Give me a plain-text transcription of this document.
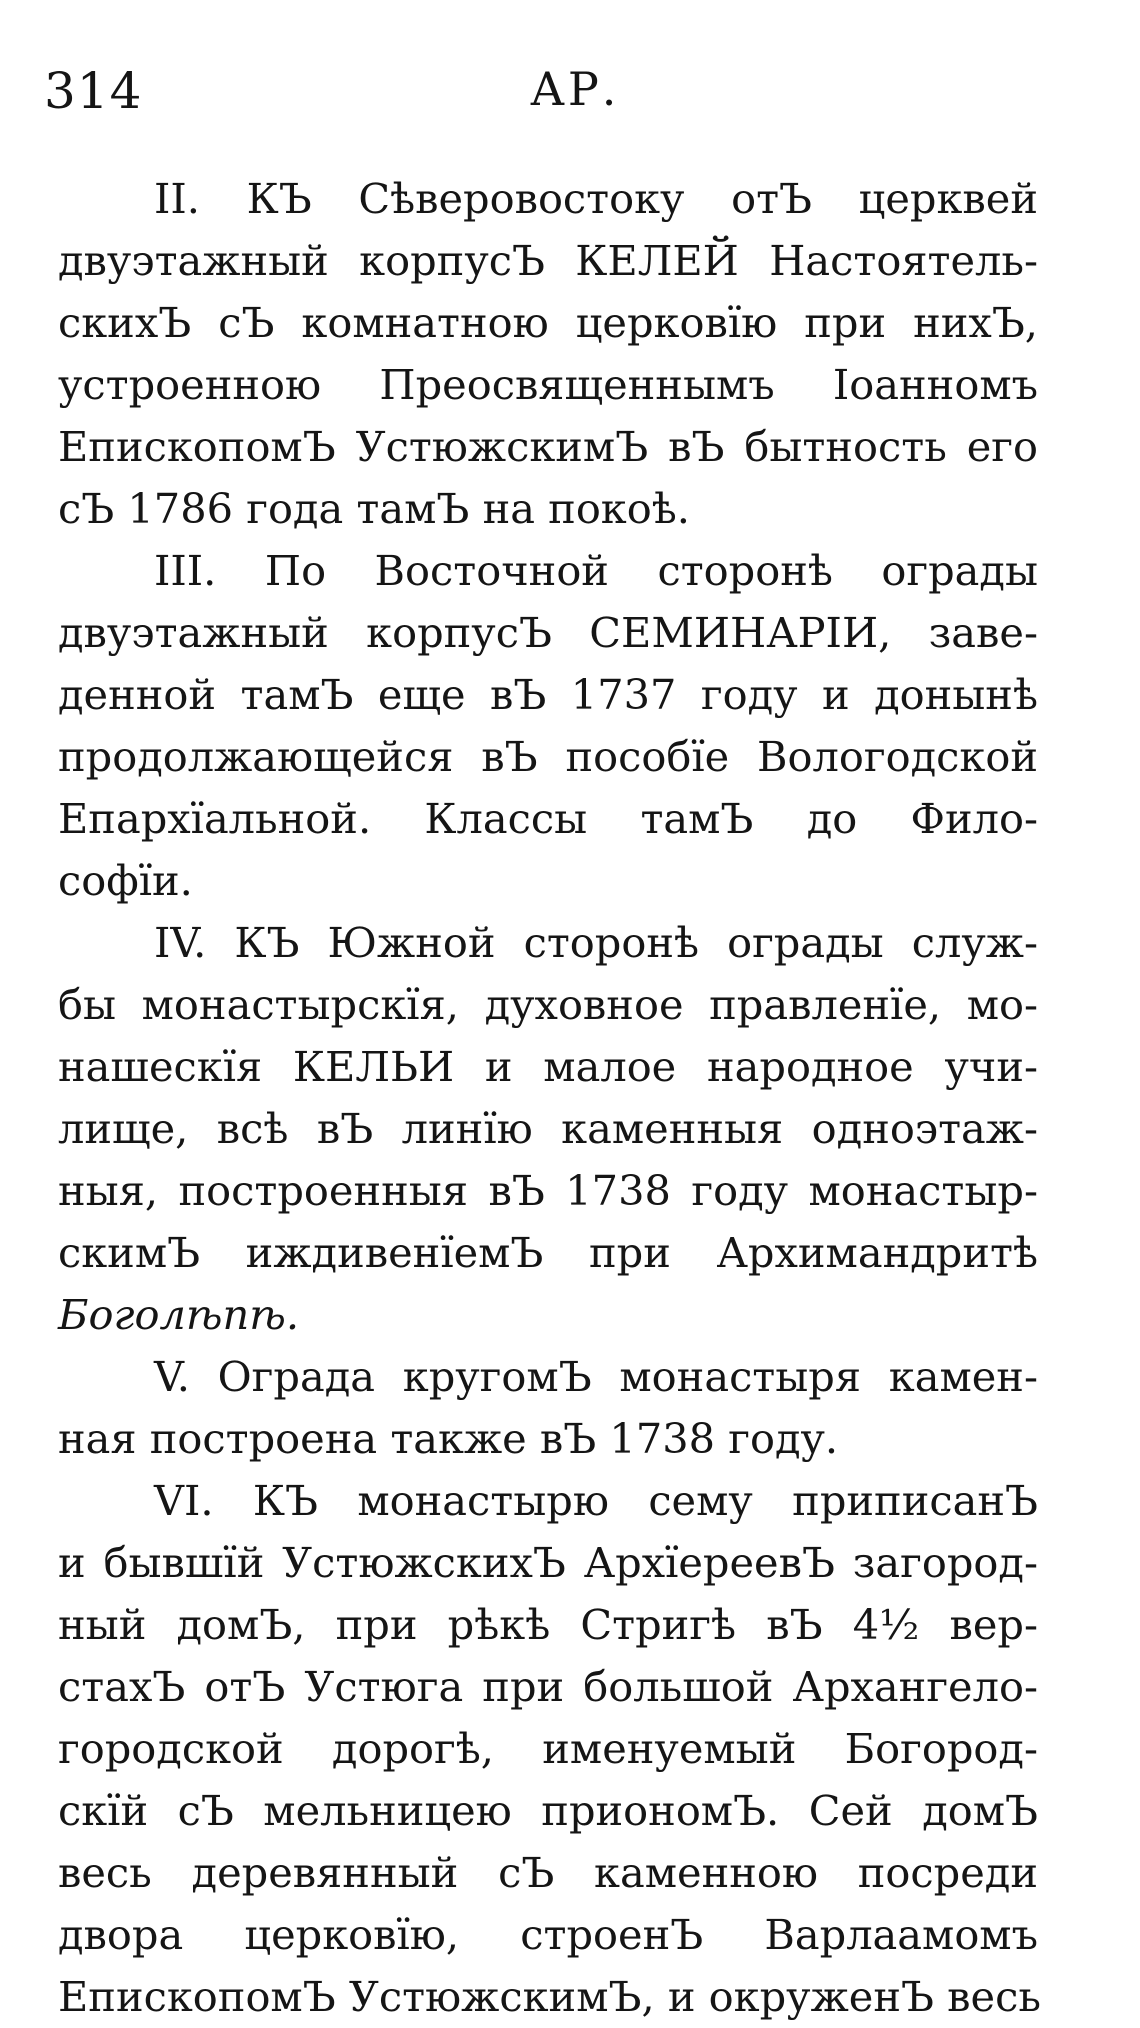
314	АР.
II. КЪ Сѣверовостоку отЪ церквей
двуэтажный корпусЪ КЕЛЕЙ Настоятель-
скихЪ сЪ комнатною церковїю при нихЪ,
устроенною Преосвященнымъ Iоанномъ
ЕпископомЪ УстюжскимЪ вЪ бытность его
сЪ 1786 года тамЪ на покоѣ.
III. По Восточной сторонѣ ограды
двуэтажный корпусЪ СЕМИНАРIИ, заве-
денной тамЪ еще вЪ 1737 году и донынѣ
продолжающейся вЪ пособїе Вологодской
Епархїальной. Классы тамЪ до Фило-
софїи.
IV. КЪ Южной сторонѣ ограды служ-
бы монастырскїя, духовное правленїе, мо-
нашескїя КЕЛЬИ и малое народное учи-
лище, всѣ вЪ линїю каменныя одноэтаж-
ныя, построенныя вЪ 1738 году монастыр-
скимЪ иждивенїемЪ при Архимандритѣ
Боголѣпѣ.
V. Ограда кругомЪ монастыря камен-
ная построена также вЪ 1738 году.
VI. КЪ монастырю сему приписанЪ
и бывшїй УстюжскихЪ АрхїереевЪ загород-
ный домЪ, при рѣкѣ Стригѣ вЪ 4½ вер-
стахЪ отЪ Устюга при большой Архангело-
городской дорогѣ, именуемый Богород-
скїй сЪ мельницею приономЪ. Сей домЪ
весь деревянный сЪ каменною посреди
двора церковїю, строенЪ Варлаамомъ
ЕпископомЪ УстюжскимЪ, и окруженЪ весь
